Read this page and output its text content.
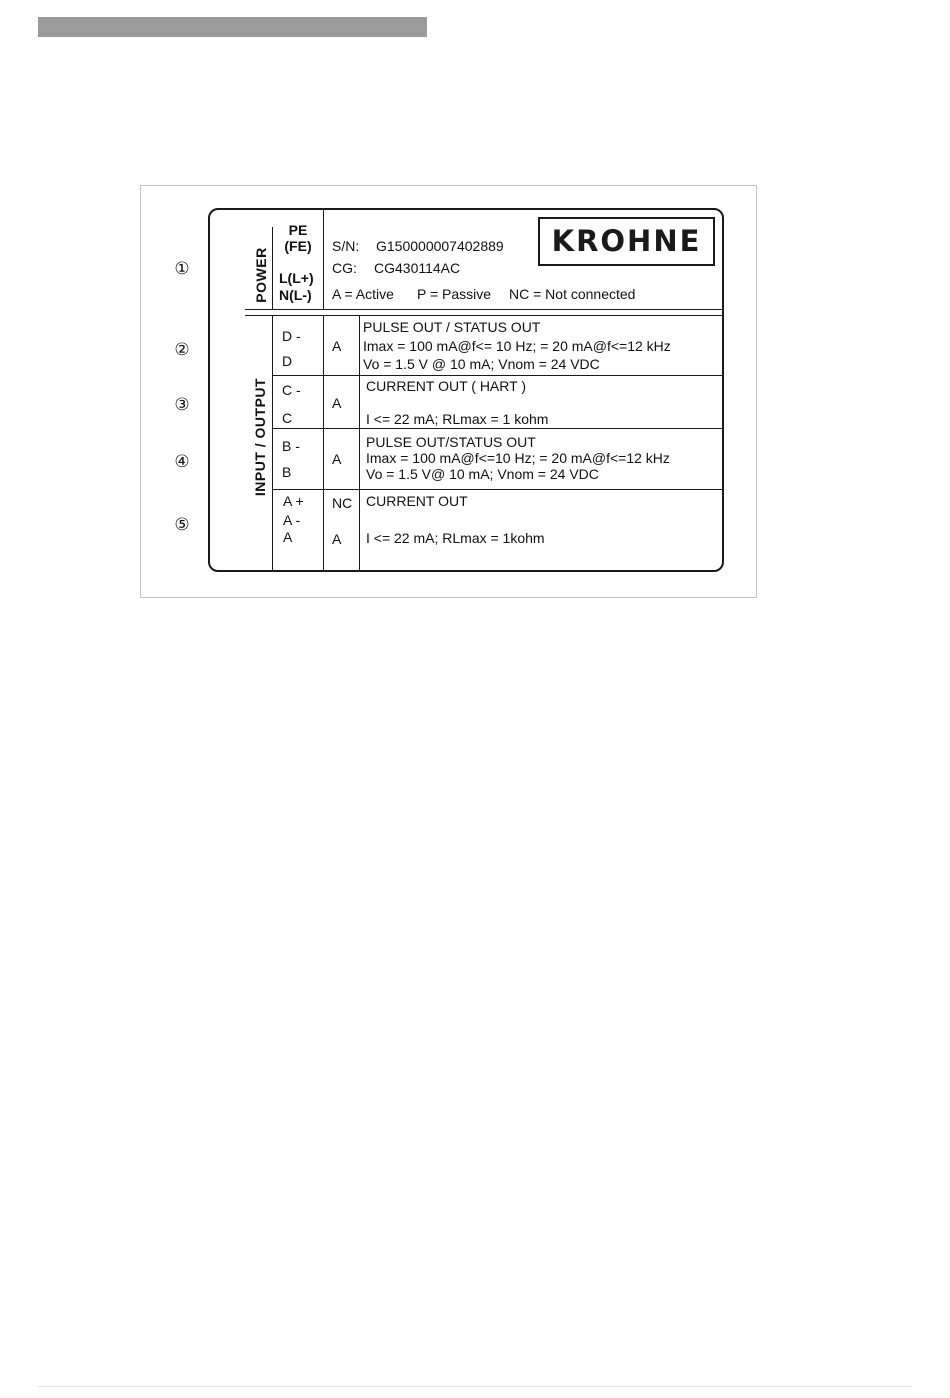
①
②
③
④
⑤
POWER
INPUT / OUTPUT
PE
(FE)
L(L+)
N(L-)
S/N: G150000007402889
CG: CG430114AC
A = Active P = Passive NC = Not connected
KROHNE
D -
D
A
PULSE OUT / STATUS OUT
Imax = 100 mA@f<= 10 Hz; = 20 mA@f<=12 kHz
Vo = 1.5 V @ 10 mA; Vnom = 24 VDC
C -
C
A
CURRENT OUT ( HART )
I <= 22 mA; RLmax = 1 kohm
B -
B
A
PULSE OUT/STATUS OUT
Imax = 100 mA@f<=10 Hz; = 20 mA@f<=12 kHz
Vo = 1.5 V@ 10 mA; Vnom = 24 VDC
A +
A -
A
NC
A
CURRENT OUT
I <= 22 mA; RLmax = 1kohm
